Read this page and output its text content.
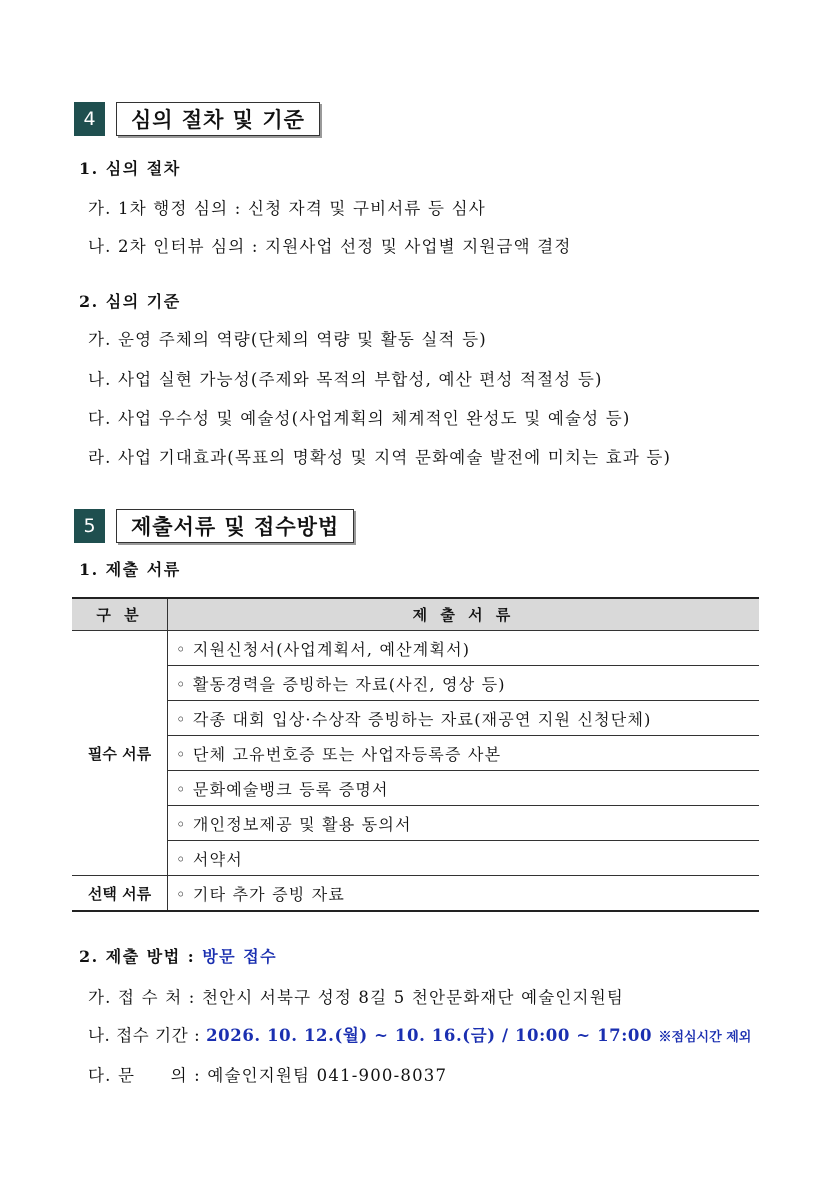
4	심의 절차 및 기준
1. 심의 절차
가. 1차 행정 심의 : 신청 자격 및 구비서류 등 심사
나. 2차 인터뷰 심의 : 지원사업 선정 및 사업별 지원금액 결정
2. 심의 기준
가. 운영 주체의 역량(단체의 역량 및 활동 실적 등)
나. 사업 실현 가능성(주제와 목적의 부합성, 예산 편성 적절성 등)
다. 사업 우수성 및 예술성(사업계획의 체계적인 완성도 및 예술성 등)
라. 사업 기대효과(목표의 명확성 및 지역 문화예술 발전에 미치는 효과 등)
5	제출서류 및 접수방법
1. 제출 서류
구 분	제 출 서 류
필수 서류	◦ 지원신청서(사업계획서, 예산계획서)
	◦ 활동경력을 증빙하는 자료(사진, 영상 등)
	◦ 각종 대회 입상·수상작 증빙하는 자료(재공연 지원 신청단체)
	◦ 단체 고유번호증 또는 사업자등록증 사본
	◦ 문화예술뱅크 등록 증명서
	◦ 개인정보제공 및 활용 동의서
	◦ 서약서
선택 서류	◦ 기타 추가 증빙 자료
2. 제출 방법 : 방문 접수
가. 접 수 처 : 천안시 서북구 성정 8길 5 천안문화재단 예술인지원팀
나. 접수 기간 : 2026. 10. 12.(월) ~ 10. 16.(금) / 10:00 ~ 17:00 ※점심시간 제외
다. 문　　의 : 예술인지원팀 041-900-8037
